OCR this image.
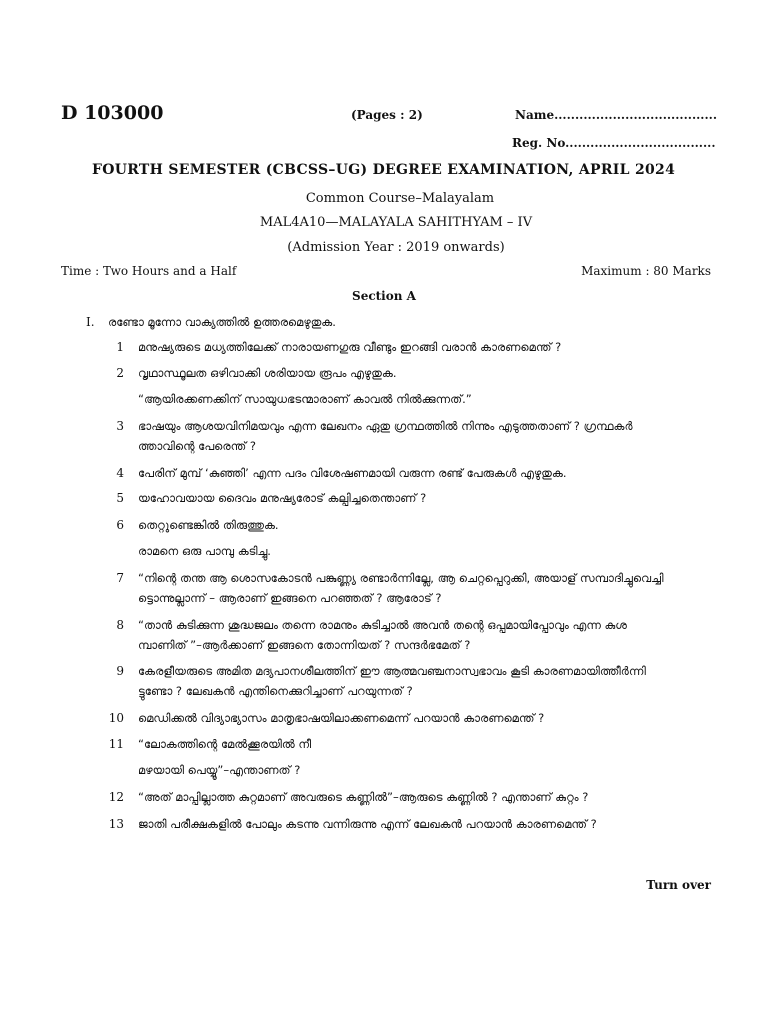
D 103000	(Pages : 2)	Name.......................................
Reg. No....................................
FOURTH SEMESTER (CBCSS–UG) DEGREE EXAMINATION, APRIL 2024
Common Course–Malayalam
MAL4A10—MALAYALA SAHITHYAM – IV
(Admission Year : 2019 onwards)
Time : Two Hours and a Half	Maximum : 80 Marks
Section A
I. രണ്ടോ മൂന്നോ വാക്യത്തിൽ ഉത്തരമെഴുതുക.
1 മനുഷ്യരുടെ മധ്യത്തിലേക്ക് നാരായണഗുരു വീണ്ടും ഇറങ്ങി വരാൻ കാരണമെന്ത് ?
2 വൃഥാസ്ഥൂലത ഒഴിവാക്കി ശരിയായ രൂപം എഴുതുക.
“ആയിരക്കണക്കിന് സായുധഭടന്മാരാണ് കാവൽ നിൽക്കുന്നത്.”
3 ഭാഷയും ആശയവിനിമയവും എന്ന ലേഖനം ഏതു ഗ്രന്ഥത്തിൽ നിന്നും എടുത്തതാണ് ? ഗ്രന്ഥകർ
ത്താവിന്റെ പേരെന്ത് ?
4 പേരിന് മുമ്പ് ‘കുഞ്ഞി’ എന്ന പദം വിശേഷണമായി വരുന്ന രണ്ട് പേരുകൾ എഴുതുക.
5 യഹോവയായ ദൈവം മനുഷ്യരോട് കല്പിച്ചതെന്താണ് ?
6 തെറ്റുണ്ടെങ്കിൽ തിരുത്തുക.
രാമനെ ഒരു പാമ്പു കടിച്ചു.
7 “നിന്റെ തന്ത ആ ശൊസകോടൻ പങ്കുണ്ണ്യ രണ്ടാർന്നില്ലേ, ആ ചെറ്റപ്പെറുക്കി, അയാള് സമ്പാദിച്ചുവെച്ചി
ട്ടൊന്നുല്ലാന്ന് – ആരാണ് ഇങ്ങനെ പറഞ്ഞത് ? ആരോട് ?
8 “താൻ കുടിക്കുന്ന ശുദ്ധജലം തന്നെ രാമനും കുടിച്ചാൽ അവൻ തന്റെ ഒപ്പമായിപ്പോവും എന്ന കുശ
മ്പാണിത് ”–ആർക്കാണ് ഇങ്ങനെ തോന്നിയത് ? സന്ദർഭമേത് ?
9 കേരളീയരുടെ അമിത മദ്യപാനശീലത്തിന് ഈ ആത്മവഞ്ചനാസ്വഭാവം കൂടി കാരണമായിത്തീർന്നി
ട്ടുണ്ടോ ? ലേഖകൻ എന്തിനെക്കുറിച്ചാണ് പറയുന്നത് ?
10 മെഡിക്കൽ വിദ്യാഭ്യാസം മാതൃഭാഷയിലാക്കണമെന്ന് പറയാൻ കാരണമെന്ത് ?
11 “ലോകത്തിന്റെ മേൽക്കൂരയിൽ നീ
മഴയായി പെയ്യൂ”–എന്താണത് ?
12 “അത് മാപ്പില്ലാത്ത കുറ്റമാണ് അവരുടെ കണ്ണിൽ”–ആരുടെ കണ്ണിൽ ? എന്താണ് കുറ്റം ?
13 ജാതി പരീക്ഷകളിൽ പോലും കടന്നു വന്നിരുന്നു എന്ന് ലേഖകൻ പറയാൻ കാരണമെന്ത് ?
Turn over
